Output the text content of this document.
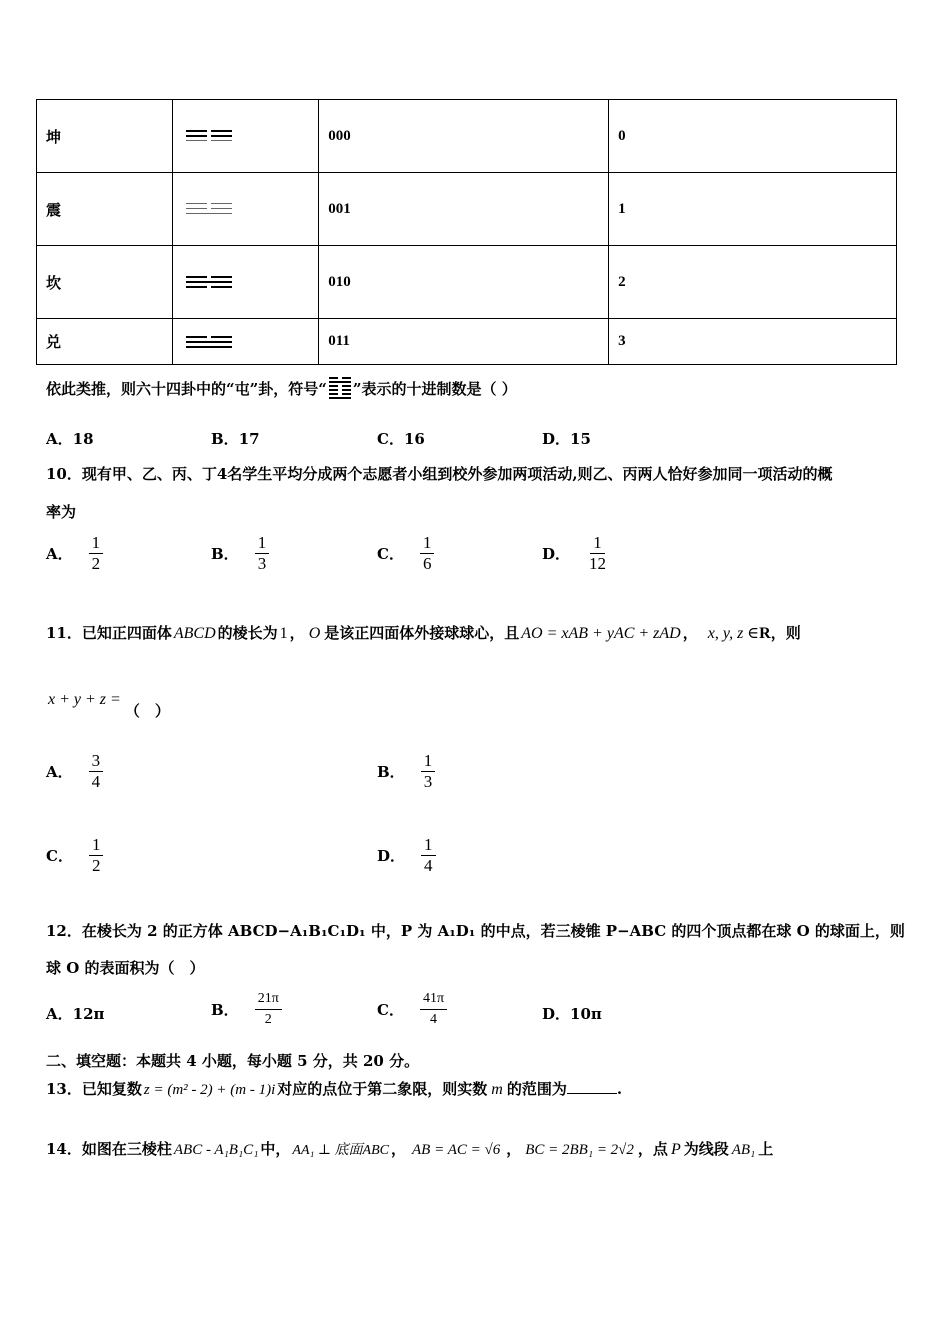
坤		000	0
震		001	1
坎		010	2
兑		011	3
依此类推，则六十四卦中的“屯”卦，符号“ ”表示的十进制数是（ ）
A．18	B．17	C．16	D．15
10．现有甲、乙、丙、丁4名学生平均分成两个志愿者小组到校外参加两项活动,则乙、丙两人恰好参加同一项活动的概
率为
A． $\frac{1}{2}$	B． $\frac{1}{3}$	C． $\frac{1}{6}$	D． $\frac{1}{12}$
11．已知正四面体 ABCD 的棱长为 1 ， O 是该正四面体外接球球心，且 AO = xAB + yAC + zAD ， x, y, z ∈ R ，则
x + y + z =
（　）
A． $\frac{3}{4}$	B． $\frac{1}{3}$
C． $\frac{1}{2}$	D． $\frac{1}{4}$
12．在棱长为 2 的正方体 ABCD−A₁B₁C₁D₁ 中，P 为 A₁D₁ 的中点，若三棱锥 P−ABC 的四个顶点都在球 O 的球面上，则
球 O 的表面积为（　）
A．12π	B． $\frac{21\pi}{2}$	C． $\frac{41\pi}{4}$	D．10π
二、填空题：本题共 4 小题，每小题 5 分，共 20 分。
13．已知复数 z = (m² - 2) + (m - 1)i 对应的点位于第二象限，则实数 m 的范围为	.
14．如图在三棱柱 ABC - A₁B₁C₁ 中， AA₁ ⊥ 底面ABC ， AB = AC = √6 ， BC = 2BB₁ = 2√2 ，点 P 为线段 AB₁ 上
